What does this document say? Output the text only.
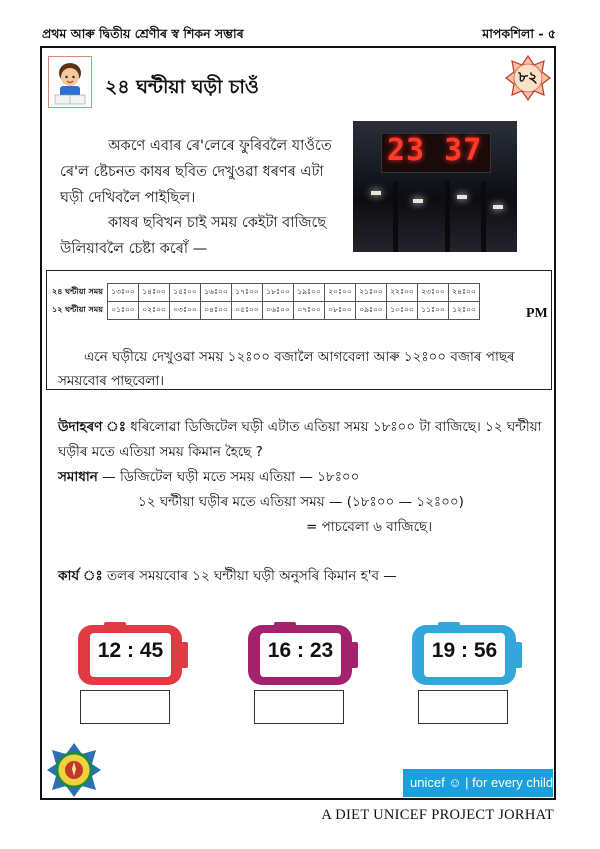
প্ৰথম আৰু দ্বিতীয় শ্ৰেণীৰ স্ব শিকন সম্ভাৰ	মাপকশিলা - ৫
২৪ ঘন্টীয়া ঘড়ী চাওঁ	৮২

অকণে এবাৰ ৰে'লেৰে ফুৰিবলৈ যাওঁতে ৰে'ল ষ্টেচনত কাষৰ ছবিত দেখুওৱা ধৰণৰ এটা ঘড়ী দেখিবলৈ পাইছিল।

কাষৰ ছবিখন চাই সময় কেইটা বাজিছে উলিয়াবলৈ চেষ্টা কৰোঁ —

23 37
২৪ ঘন্টীয়া সময়	১৩ঃ০০	১৪ঃ০০	১৫ঃ০০	১৬ঃ০০	১৭ঃ০০	১৮ঃ০০	১৯ঃ০০	২০ঃ০০	২১ঃ০০	২২ঃ০০	২৩ঃ০০	২৪ঃ০০
১২ ঘন্টীয়া সময়	০১ঃ০০	০২ঃ০০	০৩ঃ০০	০৪ঃ০০	০৫ঃ০০	০৬ঃ০০	০৭ঃ০০	০৮ঃ০০	০৯ঃ০০	১০ঃ০০	১১ঃ০০	১২ঃ০০	PM

এনে ঘড়ীয়ে দেখুওৱা সময় ১২ঃ০০ বজালৈ আগবেলা আৰু ১২ঃ০০ বজাৰ পাছৰ সময়বোৰ পাছবেলা।

উদাহৰণ ঃ ধৰিলোৱা ডিজিটেল ঘড়ী এটাত এতিয়া সময় ১৮ঃ০০ টা বাজিছে। ১২ ঘন্টীয়া

ঘড়ীৰ মতে এতিয়া সময় কিমান হৈছে ?

সমাধান — ডিজিটেল ঘড়ী মতে সময় এতিয়া — ১৮ঃ০০

১২ ঘন্টীয়া ঘড়ীৰ মতে এতিয়া সময় — (১৮ঃ০০ — ১২ঃ০০)

= পাচবেলা ৬ বাজিছে।

কাৰ্য ঃ তলৰ সময়বোৰ ১২ ঘন্টীয়া ঘড়ী অনুসৰি কিমান হ'ব —

12 : 45	16 : 23	19 : 56
unicef ☺ | for every child
A DIET UNICEF PROJECT JORHAT
